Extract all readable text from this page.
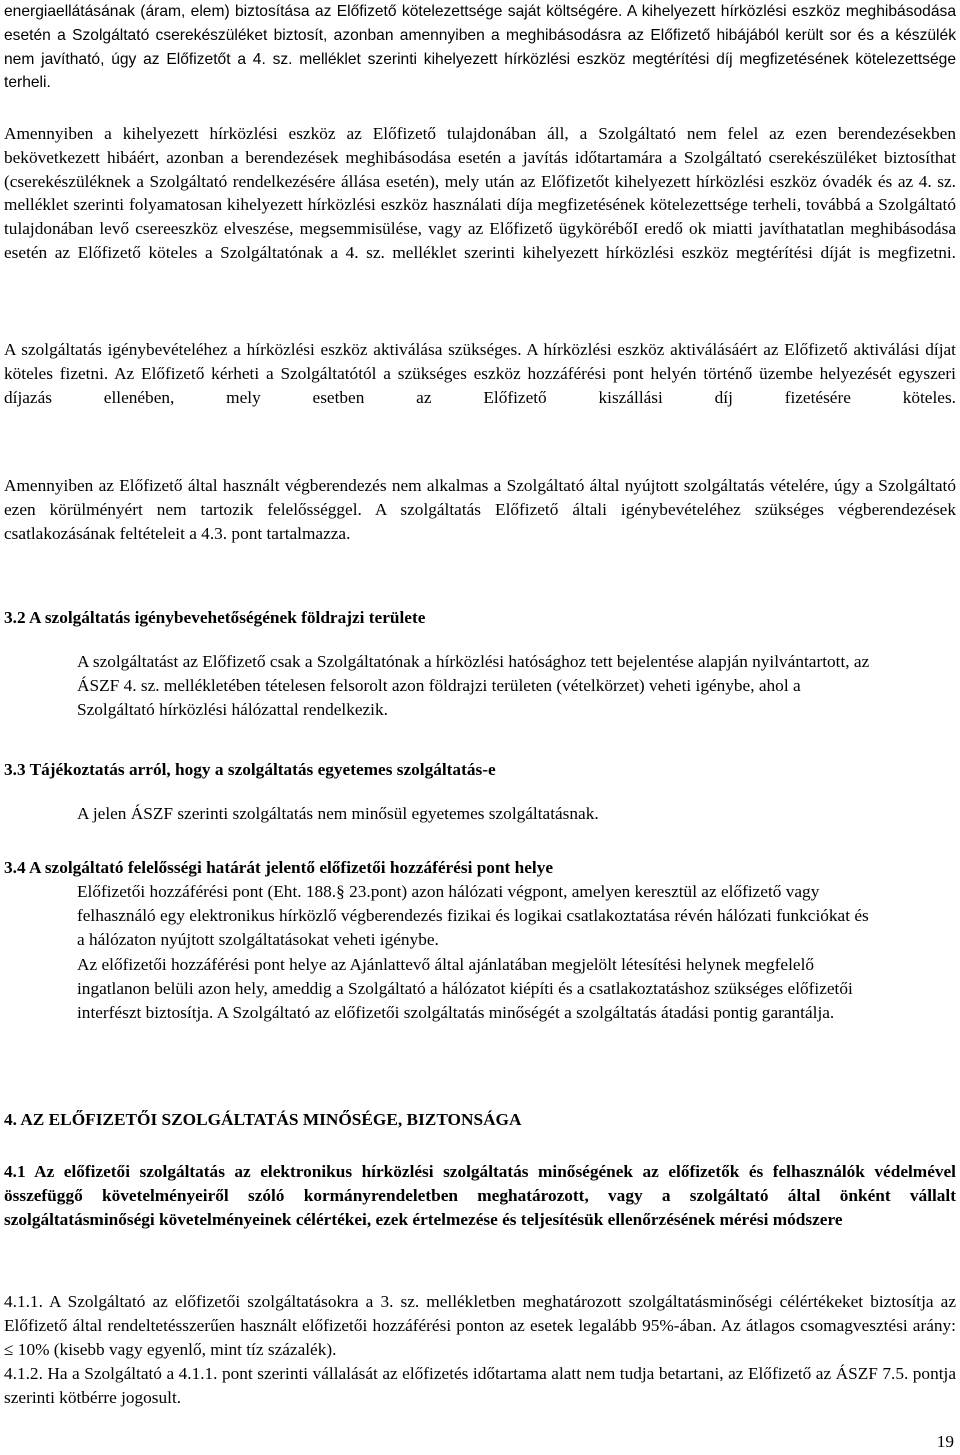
energiaellátásának (áram, elem) biztosítása az Előfizető kötelezettsége saját költségére. A kihelyezett hírközlési eszköz meghibásodása esetén a Szolgáltató cserekészüléket biztosít, azonban amennyiben a meghibásodásra az Előfizető hibájából került sor és a készülék nem javítható, úgy az Előfizetőt a 4. sz. melléklet szerinti kihelyezett hírközlési eszköz megtérítési díj megfizetésének kötelezettsége terheli.

Amennyiben a kihelyezett hírközlési eszköz az Előfizető tulajdonában áll, a Szolgáltató nem felel az ezen berendezésekben bekövetkezett hibáért, azonban a berendezések meghibásodása esetén a javítás időtartamára a Szolgáltató cserekészüléket biztosíthat (cserekészüléknek a Szolgáltató rendelkezésére állása esetén), mely után az Előfizetőt kihelyezett hírközlési eszköz óvadék és az 4. sz. melléklet szerinti folyamatosan kihelyezett hírközlési eszköz használati díja megfizetésének kötelezettsége terheli, továbbá a Szolgáltató tulajdonában levő csereeszköz elveszése, megsemmisülése, vagy az Előfizető ügykörébőI eredő ok miatti javíthatatlan meghibásodása esetén az Előfizető köteles a Szolgáltatónak a 4. sz. melléklet szerinti kihelyezett hírközlési eszköz megtérítési díját is megfizetni.

A szolgáltatás igénybevételéhez a hírközlési eszköz aktiválása szükséges. A hírközlési eszköz aktiválásáért az Előfizető aktiválási díjat köteles fizetni. Az Előfizető kérheti a Szolgáltatótól a szükséges eszköz hozzáférési pont helyén történő üzembe helyezését egyszeri díjazás ellenében, mely esetben az Előfizető kiszállási díj fizetésére köteles.

Amennyiben az Előfizető által használt végberendezés nem alkalmas a Szolgáltató által nyújtott szolgáltatás vételére, úgy a Szolgáltató ezen körülményért nem tartozik felelősséggel. A szolgáltatás Előfizető általi igénybevételéhez szükséges végberendezések csatlakozásának feltételeit a 4.3. pont tartalmazza.

3.2 A szolgáltatás igénybevehetőségének földrajzi területe

A szolgáltatást az Előfizető csak a Szolgáltatónak a hírközlési hatósághoz tett bejelentése alapján nyilvántartott, az ÁSZF 4. sz. mellékletében tételesen felsorolt azon földrajzi területen (vételkörzet) veheti igénybe, ahol a Szolgáltató hírközlési hálózattal rendelkezik.

3.3 Tájékoztatás arról, hogy a szolgáltatás egyetemes szolgáltatás-e

A jelen ÁSZF szerinti szolgáltatás nem minősül egyetemes szolgáltatásnak.

3.4 A szolgáltató felelősségi határát jelentő előfizetői hozzáférési pont helye

Előfizetői hozzáférési pont (Eht. 188.§ 23.pont) azon hálózati végpont, amelyen keresztül az előfizető vagy felhasználó egy elektronikus hírközlő végberendezés fizikai és logikai csatlakoztatása révén hálózati funkciókat és a hálózaton nyújtott szolgáltatásokat veheti igénybe.

Az előfizetői hozzáférési pont helye az Ajánlattevő által ajánlatában megjelölt létesítési helynek megfelelő ingatlanon belüli azon hely, ameddig a Szolgáltató a hálózatot kiépíti és a csatlakoztatáshoz szükséges előfizetői interfészt biztosítja. A Szolgáltató az előfizetői szolgáltatás minőségét a szolgáltatás átadási pontig garantálja.

4. AZ ELŐFIZETŐI SZOLGÁLTATÁS MINŐSÉGE, BIZTONSÁGA

4.1 Az előfizetői szolgáltatás az elektronikus hírközlési szolgáltatás minőségének az előfizetők és felhasználók védelmével összefüggő követelményeiről szóló kormányrendeletben meghatározott, vagy a szolgáltató által önként vállalt szolgáltatásminőségi követelményeinek célértékei, ezek értelmezése és teljesítésük ellenőrzésének mérési módszere

4.1.1. A Szolgáltató az előfizetői szolgáltatásokra a 3. sz. mellékletben meghatározott szolgáltatásminőségi célértékeket biztosítja az Előfizető által rendeltetésszerűen használt előfizetői hozzáférési ponton az esetek legalább 95%-ában. Az átlagos csomagvesztési arány: ≤ 10% (kisebb vagy egyenlő, mint tíz százalék).

4.1.2. Ha a Szolgáltató a 4.1.1. pont szerinti vállalását az előfizetés időtartama alatt nem tudja betartani, az Előfizető az ÁSZF 7.5. pontja szerinti kötbérre jogosult.

19
